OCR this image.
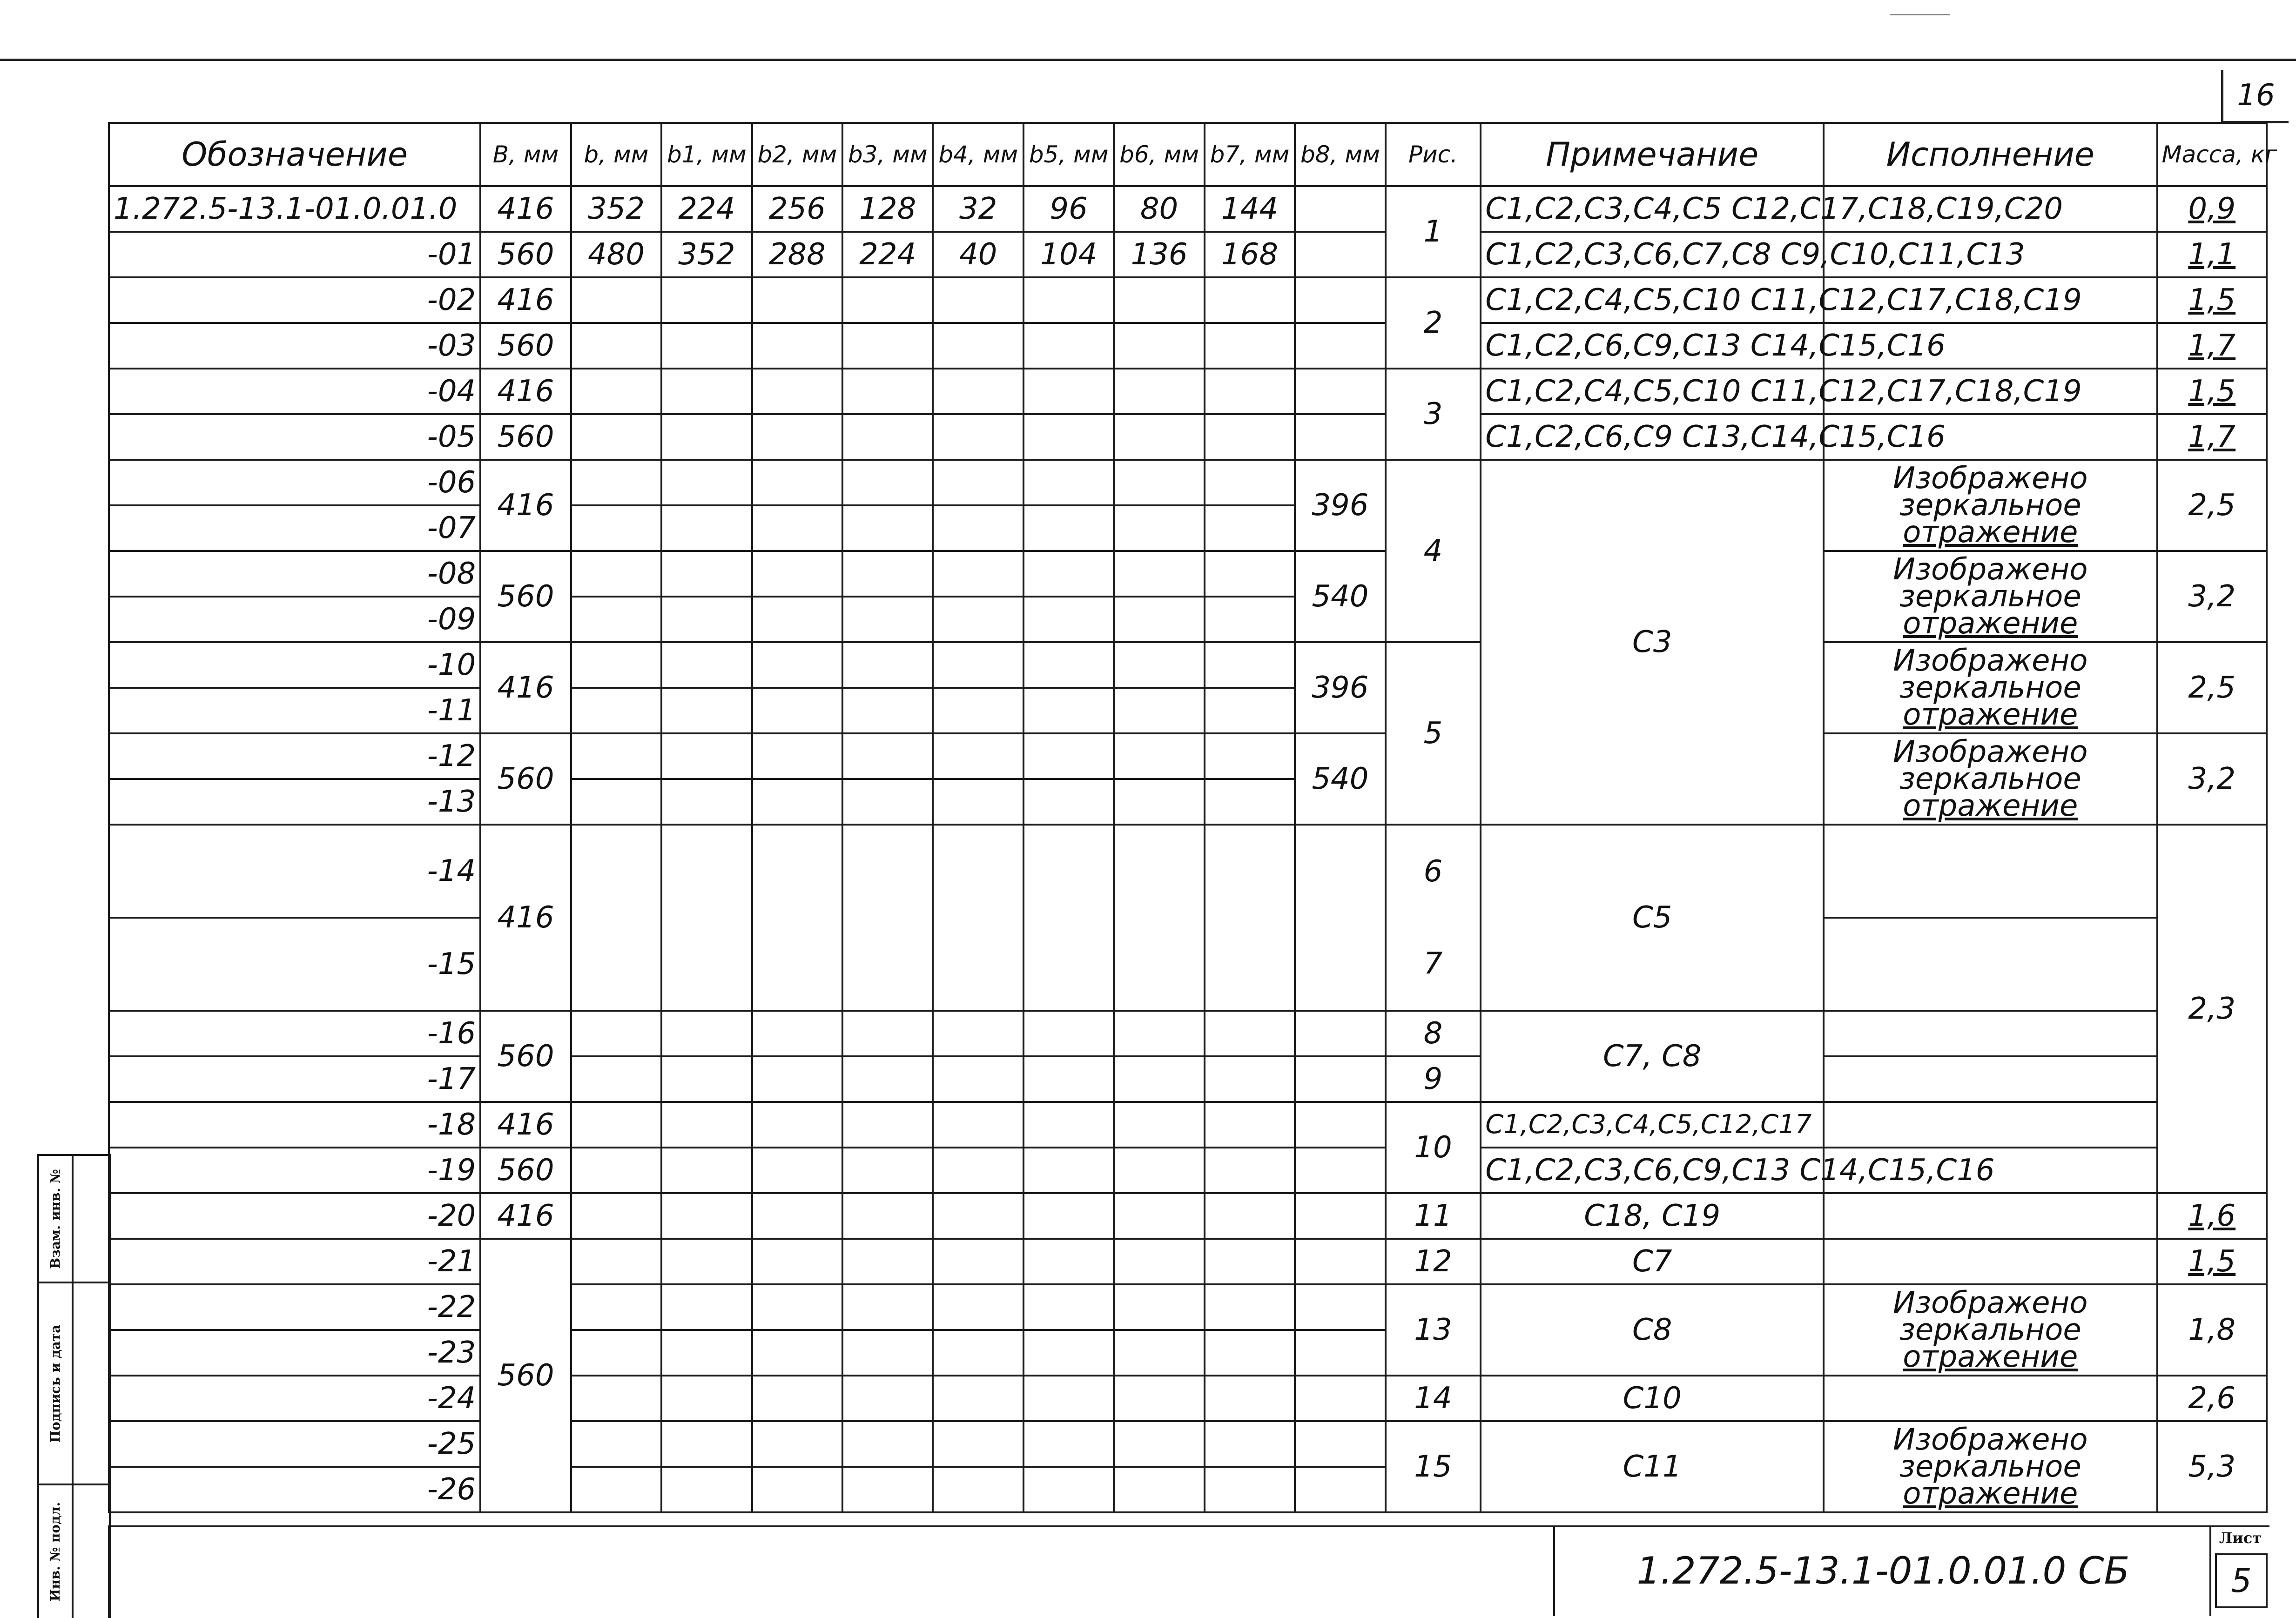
16
Обозначение	B, мм	b, мм	b1, мм	b2, мм	b3, мм	b4, мм	b5, мм	b6, мм	b7, мм	b8, мм	Рис.	Примечание	Исполнение	Масса, кг
1.272.5-13.1-01.0.01.0	416	352	224	256	128	32	96	80	144		1	C1,C2,C3,C4,C5 C12,C17,C18,C19,C20		0,9
-01	560	480	352	288	224	40	104	136	168			C1,C2,C3,C6,C7,C8 C9,C10,C11,C13		1,1
-02	416										2	C1,C2,C4,C5,C10 C11,C12,C17,C18,C19		1,5
-03	560											C1,C2,C6,C9,C13 C14,C15,C16		1,7
-04	416										3	C1,C2,C4,C5,C10 C11,C12,C17,C18,C19		1,5
-05	560											C1,C2,C6,C9 C13,C14,C15,C16		1,7
-06	416									396	4	C3	Изображено
зеркальное
отражение	2,5
-07														
-08	560									540			Изображено
зеркальное
отражение	3,2
-09														
-10	416									396	5		Изображено
зеркальное
отражение	2,5
-11														
-12	560									540			Изображено
зеркальное
отражение	3,2
-13														
-14	416										6	C5		2,3
-15											7			
-16	560										8	C7, C8		
-17											9			
-18	416										10	C1,C2,C3,C4,C5,C12,C17		
-19	560											C1,C2,C3,C6,C9,C13 C14,C15,C16		
-20	416										11	C18, C19		1,6
-21	560										12	C7		1,5
-22											13	C8	Изображено
зеркальное
отражение	1,8
-23														
-24											14	C10		2,6
-25											15	C11	Изображено
зеркальное
отражение	5,3
-26														
1.272.5-13.1-01.0.01.0 СБ
Лист
5
Взам. инв. №
Подпись и дата
Инв. № подл.
